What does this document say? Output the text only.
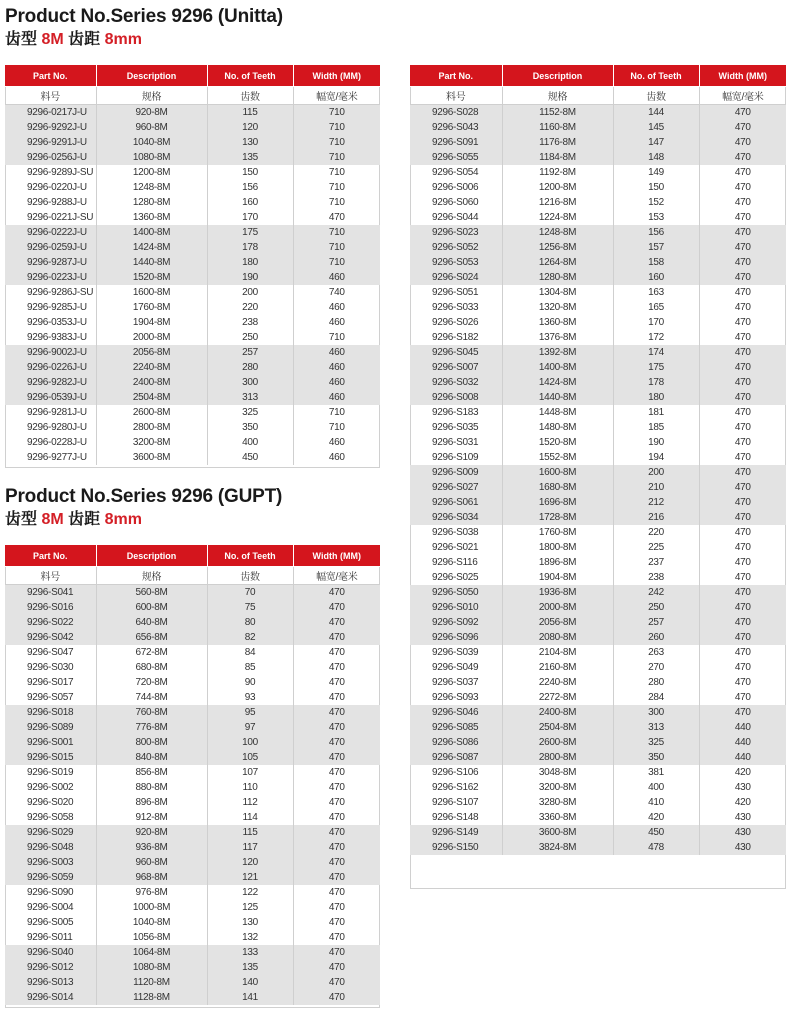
Product No.Series 9296 (Unitta)
齿型 8M 齿距 8mm
Product No.Series 9296 (GUPT)
齿型 8M 齿距 8mm
Part No.	Description	No. of Teeth	Width (MM)
料号	规格	齿数	幅宽/毫米
9296-0217J-U	920-8M	115	710
9296-9292J-U	960-8M	120	710
9296-9291J-U	1040-8M	130	710
9296-0256J-U	1080-8M	135	710
9296-9289J-SU	1200-8M	150	710
9296-0220J-U	1248-8M	156	710
9296-9288J-U	1280-8M	160	710
9296-0221J-SU	1360-8M	170	470
9296-0222J-U	1400-8M	175	710
9296-0259J-U	1424-8M	178	710
9296-9287J-U	1440-8M	180	710
9296-0223J-U	1520-8M	190	460
9296-9286J-SU	1600-8M	200	740
9296-9285J-U	1760-8M	220	460
9296-0353J-U	1904-8M	238	460
9296-9383J-U	2000-8M	250	710
9296-9002J-U	2056-8M	257	460
9296-0226J-U	2240-8M	280	460
9296-9282J-U	2400-8M	300	460
9296-0539J-U	2504-8M	313	460
9296-9281J-U	2600-8M	325	710
9296-9280J-U	2800-8M	350	710
9296-0228J-U	3200-8M	400	460
9296-9277J-U	3600-8M	450	460
Part No.	Description	No. of Teeth	Width (MM)
料号	规格	齿数	幅宽/毫米
9296-S041	560-8M	70	470
9296-S016	600-8M	75	470
9296-S022	640-8M	80	470
9296-S042	656-8M	82	470
9296-S047	672-8M	84	470
9296-S030	680-8M	85	470
9296-S017	720-8M	90	470
9296-S057	744-8M	93	470
9296-S018	760-8M	95	470
9296-S089	776-8M	97	470
9296-S001	800-8M	100	470
9296-S015	840-8M	105	470
9296-S019	856-8M	107	470
9296-S002	880-8M	110	470
9296-S020	896-8M	112	470
9296-S058	912-8M	114	470
9296-S029	920-8M	115	470
9296-S048	936-8M	117	470
9296-S003	960-8M	120	470
9296-S059	968-8M	121	470
9296-S090	976-8M	122	470
9296-S004	1000-8M	125	470
9296-S005	1040-8M	130	470
9296-S011	1056-8M	132	470
9296-S040	1064-8M	133	470
9296-S012	1080-8M	135	470
9296-S013	1120-8M	140	470
9296-S014	1128-8M	141	470
Part No.	Description	No. of Teeth	Width (MM)
料号	规格	齿数	幅宽/毫米
9296-S028	1152-8M	144	470
9296-S043	1160-8M	145	470
9296-S091	1176-8M	147	470
9296-S055	1184-8M	148	470
9296-S054	1192-8M	149	470
9296-S006	1200-8M	150	470
9296-S060	1216-8M	152	470
9296-S044	1224-8M	153	470
9296-S023	1248-8M	156	470
9296-S052	1256-8M	157	470
9296-S053	1264-8M	158	470
9296-S024	1280-8M	160	470
9296-S051	1304-8M	163	470
9296-S033	1320-8M	165	470
9296-S026	1360-8M	170	470
9296-S182	1376-8M	172	470
9296-S045	1392-8M	174	470
9296-S007	1400-8M	175	470
9296-S032	1424-8M	178	470
9296-S008	1440-8M	180	470
9296-S183	1448-8M	181	470
9296-S035	1480-8M	185	470
9296-S031	1520-8M	190	470
9296-S109	1552-8M	194	470
9296-S009	1600-8M	200	470
9296-S027	1680-8M	210	470
9296-S061	1696-8M	212	470
9296-S034	1728-8M	216	470
9296-S038	1760-8M	220	470
9296-S021	1800-8M	225	470
9296-S116	1896-8M	237	470
9296-S025	1904-8M	238	470
9296-S050	1936-8M	242	470
9296-S010	2000-8M	250	470
9296-S092	2056-8M	257	470
9296-S096	2080-8M	260	470
9296-S039	2104-8M	263	470
9296-S049	2160-8M	270	470
9296-S037	2240-8M	280	470
9296-S093	2272-8M	284	470
9296-S046	2400-8M	300	470
9296-S085	2504-8M	313	440
9296-S086	2600-8M	325	440
9296-S087	2800-8M	350	440
9296-S106	3048-8M	381	420
9296-S162	3200-8M	400	430
9296-S107	3280-8M	410	420
9296-S148	3360-8M	420	430
9296-S149	3600-8M	450	430
9296-S150	3824-8M	478	430
